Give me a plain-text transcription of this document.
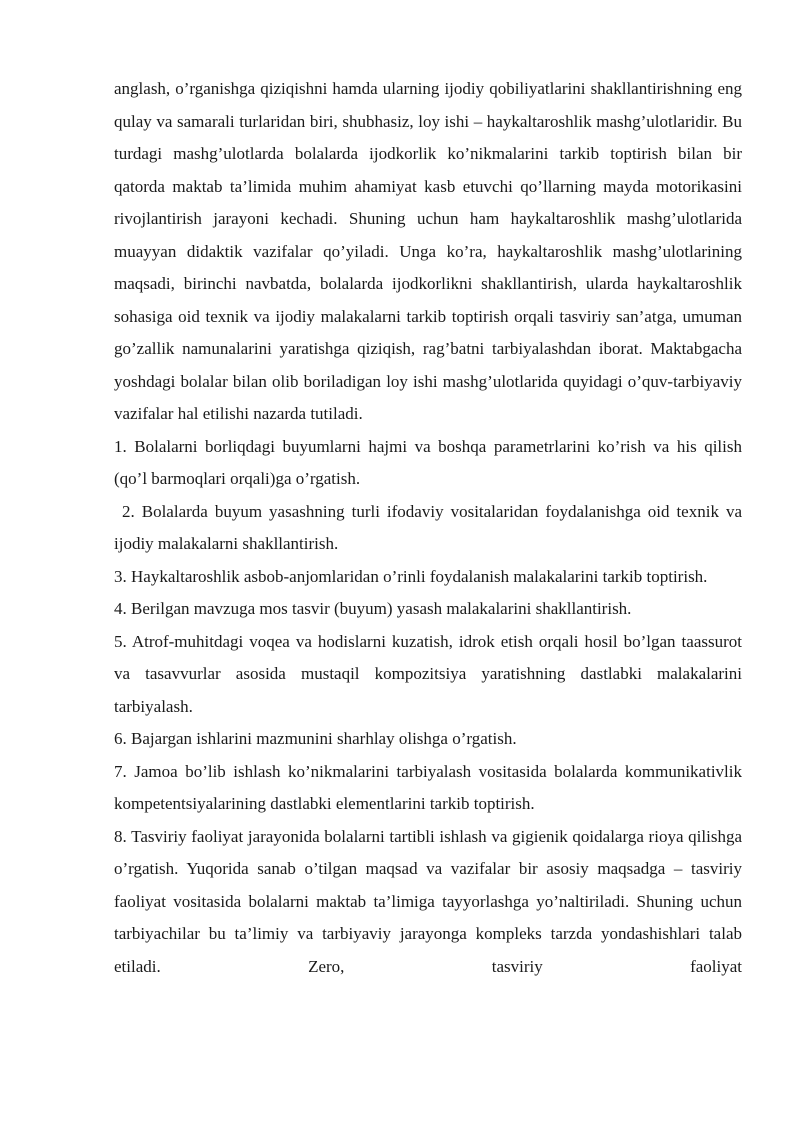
anglash, o’rganishga qiziqishni hamda ularning ijodiy qobiliyatlarini shakllantirishning eng qulay va samarali turlaridan biri, shubhasiz, loy ishi – haykaltaroshlik mashg’ulotlaridir. Bu turdagi mashg’ulotlarda bolalarda ijodkorlik ko’nikmalarini tarkib toptirish bilan bir qatorda maktab ta’limida muhim ahamiyat kasb etuvchi qo’llarning mayda motorikasini rivojlantirish jarayoni kechadi. Shuning uchun ham haykaltaroshlik mashg’ulotlarida muayyan didaktik vazifalar qo’yiladi. Unga ko’ra, haykaltaroshlik mashg’ulotlarining maqsadi, birinchi navbatda, bolalarda ijodkorlikni shakllantirish, ularda haykaltaroshlik sohasiga oid texnik va ijodiy malakalarni tarkib toptirish orqali tasviriy san’atga, umuman go’zallik namunalarini yaratishga qiziqish, rag’batni tarbiyalashdan iborat. Maktabgacha yoshdagi bolalar bilan olib boriladigan loy ishi mashg’ulotlarida quyidagi o’quv-tarbiyaviy vazifalar hal etilishi nazarda tutiladi.

1. Bolalarni borliqdagi buyumlarni hajmi va boshqa parametrlarini ko’rish va his qilish (qo’l barmoqlari orqali)ga o’rgatish.

2. Bolalarda buyum yasashning turli ifodaviy vositalaridan foydalanishga oid texnik va ijodiy malakalarni shakllantirish.

3. Haykaltaroshlik asbob-anjomlaridan o’rinli foydalanish malakalarini tarkib toptirish.

4. Berilgan mavzuga mos tasvir (buyum) yasash malakalarini shakllantirish.

5. Atrof-muhitdagi voqea va hodislarni kuzatish, idrok etish orqali hosil bo’lgan taassurot va tasavvurlar asosida mustaqil kompozitsiya yaratishning dastlabki malakalarini tarbiyalash.

6. Bajargan ishlarini mazmunini sharhlay olishga o’rgatish.

7. Jamoa bo’lib ishlash ko’nikmalarini tarbiyalash vositasida bolalarda kommunikativlik kompetentsiyalarining dastlabki elementlarini tarkib toptirish.

8. Tasviriy faoliyat jarayonida bolalarni tartibli ishlash va gigienik qoidalarga rioya qilishga o’rgatish. Yuqorida sanab o’tilgan maqsad va vazifalar bir asosiy maqsadga – tasviriy faoliyat vositasida bolalarni maktab ta’limiga tayyorlashga yo’naltiriladi. Shuning uchun tarbiyachilar bu ta’limiy va tarbiyaviy jarayonga kompleks tarzda yondashishlari talab etiladi. Zero, tasviriy faoliyat
